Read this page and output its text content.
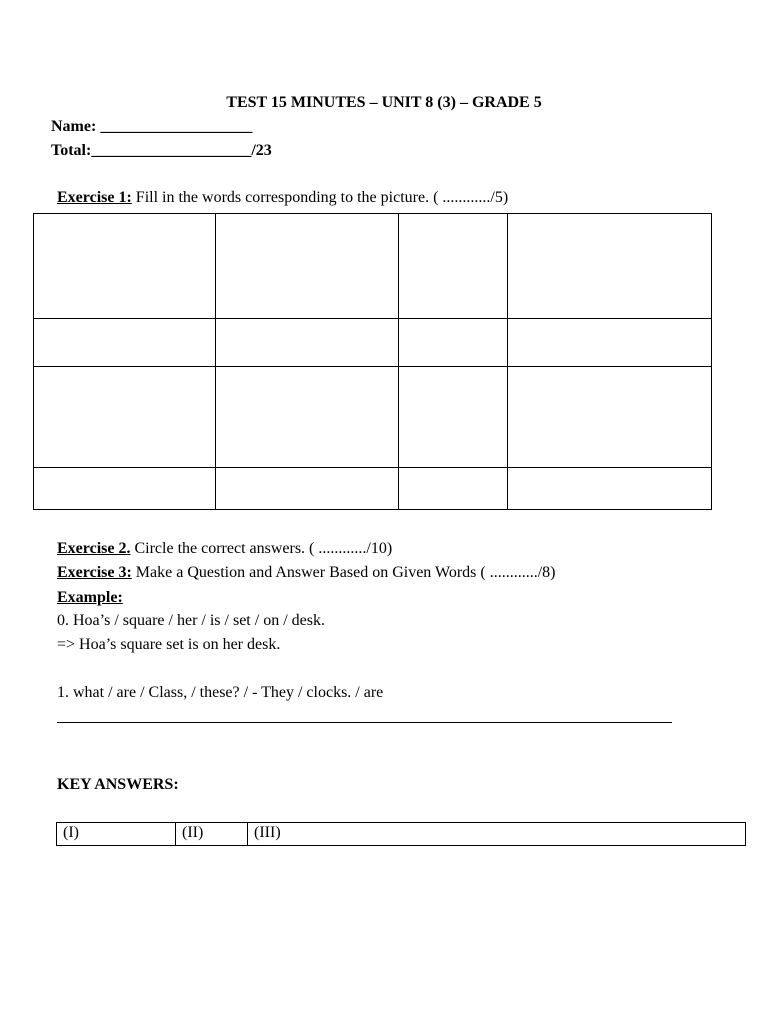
TEST 15 MINUTES – UNIT 8 (3) – GRADE 5
Name: ___________________
Total:____________________/23
Exercise 1: Fill in the words corresponding to the picture. ( ............/5)

Exercise 2. Circle the correct answers. ( ............/10)
Exercise 3: Make a Question and Answer Based on Given Words ( ............/8)
Example:
0. Hoa’s / square / her / is / set / on / desk.
=> Hoa’s square set is on her desk.
1. what / are / Class, / these? / - They / clocks. / are
KEY ANSWERS:
(I)	(II)	(III)
